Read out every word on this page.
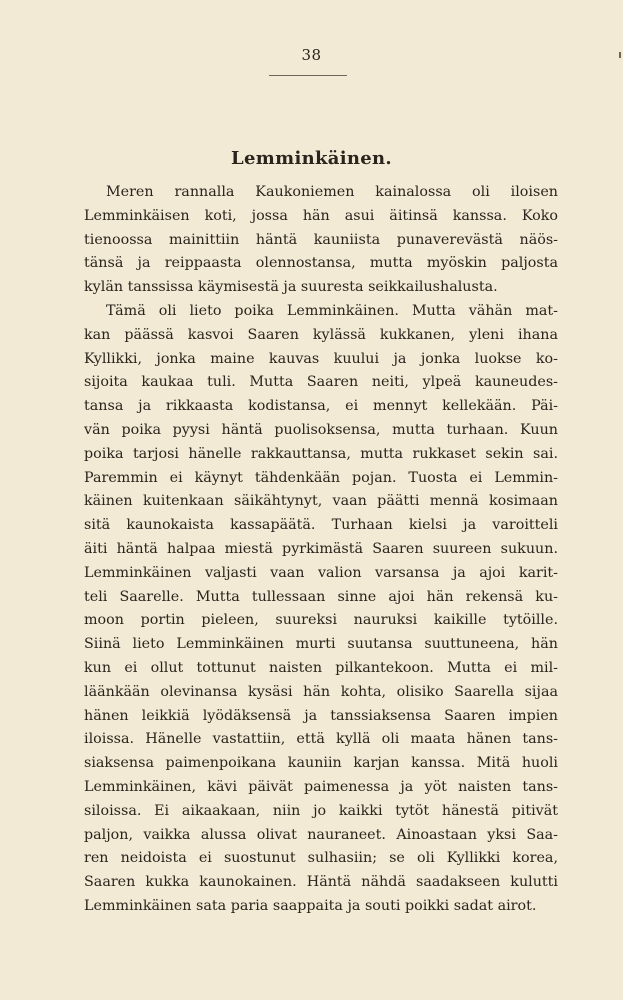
38
Lemminkäinen.
Meren rannalla Kaukoniemen kainalossa oli iloisen
Lemminkäisen koti, jossa hän asui äitinsä kanssa. Koko
tienoossa mainittiin häntä kauniista punaverevästä näös-
tänsä ja reippaasta olennostansa, mutta myöskin paljosta
kylän tanssissa käymisestä ja suuresta seikkailushalusta.
Tämä oli lieto poika Lemminkäinen. Mutta vähän mat-
kan päässä kasvoi Saaren kylässä kukkanen, yleni ihana
Kyllikki, jonka maine kauvas kuului ja jonka luokse ko-
sijoita kaukaa tuli. Mutta Saaren neiti, ylpeä kauneudes-
tansa ja rikkaasta kodistansa, ei mennyt kellekään. Päi-
vän poika pyysi häntä puolisoksensa, mutta turhaan. Kuun
poika tarjosi hänelle rakkauttansa, mutta rukkaset sekin sai.
Paremmin ei käynyt tähdenkään pojan. Tuosta ei Lemmin-
käinen kuitenkaan säikähtynyt, vaan päätti mennä kosimaan
sitä kaunokaista kassapäätä. Turhaan kielsi ja varoitteli
äiti häntä halpaa miestä pyrkimästä Saaren suureen sukuun.
Lemminkäinen valjasti vaan valion varsansa ja ajoi karit-
teli Saarelle. Mutta tullessaan sinne ajoi hän rekensä ku-
moon portin pieleen, suureksi nauruksi kaikille tytöille.
Siinä lieto Lemminkäinen murti suutansa suuttuneena, hän
kun ei ollut tottunut naisten pilkantekoon. Mutta ei mil-
läänkään olevinansa kysäsi hän kohta, olisiko Saarella sijaa
hänen leikkiä lyödäksensä ja tanssiaksensa Saaren impien
iloissa. Hänelle vastattiin, että kyllä oli maata hänen tans-
siaksensa paimenpoikana kauniin karjan kanssa. Mitä huoli
Lemminkäinen, kävi päivät paimenessa ja yöt naisten tans-
siloissa. Ei aikaakaan, niin jo kaikki tytöt hänestä pitivät
paljon, vaikka alussa olivat nauraneet. Ainoastaan yksi Saa-
ren neidoista ei suostunut sulhasiin; se oli Kyllikki korea,
Saaren kukka kaunokainen. Häntä nähdä saadakseen kulutti
Lemminkäinen sata paria saappaita ja souti poikki sadat airot.
